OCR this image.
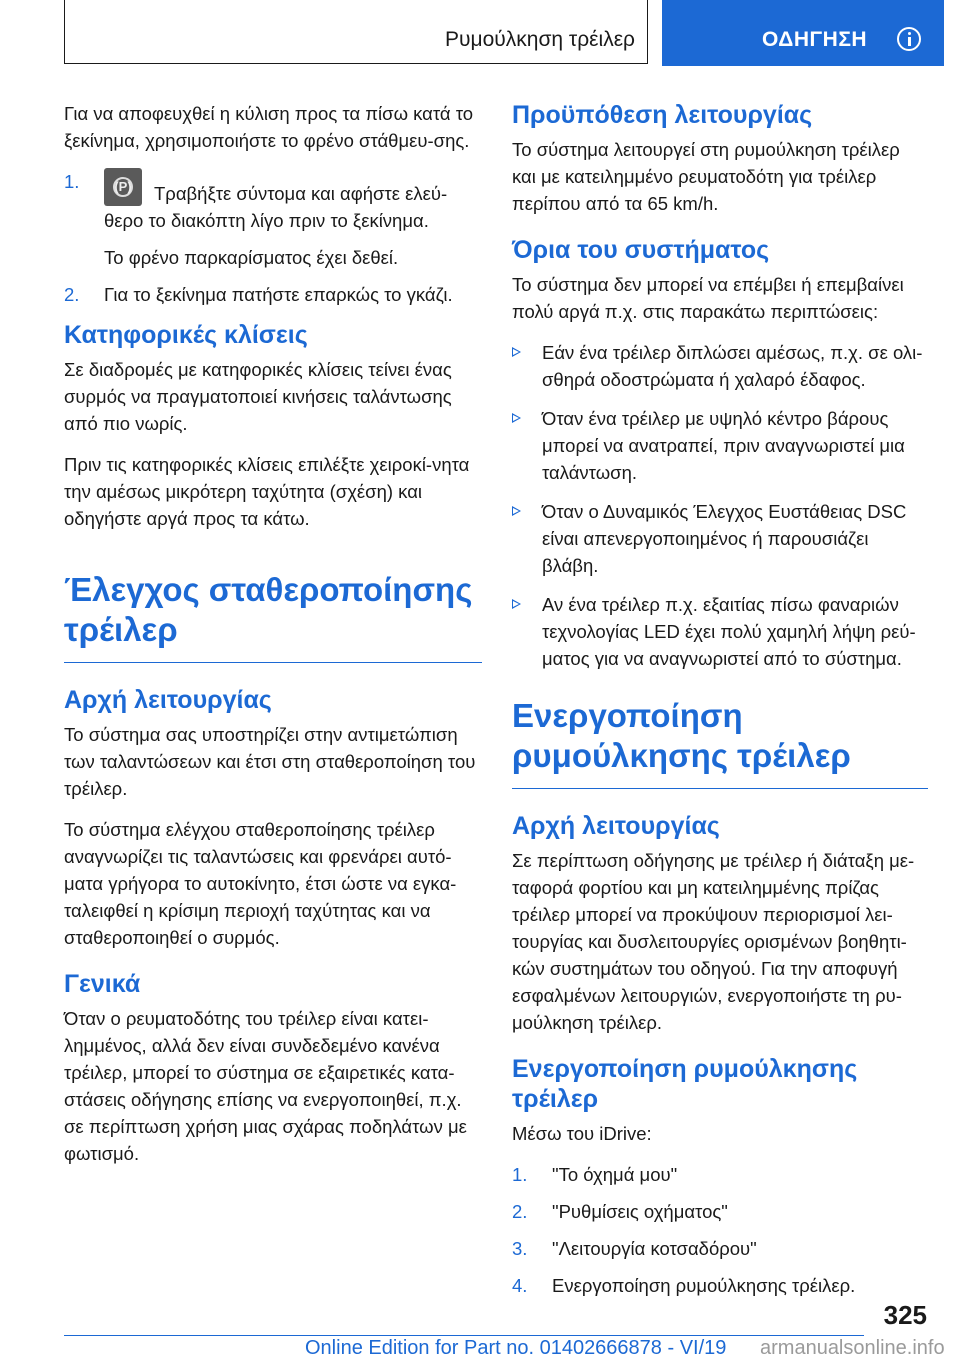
Ρυμούλκηση τρέιλερ	ΟΔΗΓΗΣΗ

Για να αποφευχθεί η κύλιση προς τα πίσω κατά το ξεκίνημα, χρησιμοποιήστε το φρένο στάθμευ-σης.

1.	(P)	Τραβήξτε σύντομα και αφήστε ελεύ-θερο το διακόπτη λίγο πριν το ξεκίνημα.
Το φρένο παρκαρίσματος έχει δεθεί.
2. Για το ξεκίνημα πατήστε επαρκώς το γκάζι.
Κατηφορικές κλίσεις

Σε διαδρομές με κατηφορικές κλίσεις τείνει ένας συρμός να πραγματοποιεί κινήσεις ταλάντωσης από πιο νωρίς.

Πριν τις κατηφορικές κλίσεις επιλέξτε χειροκί-νητα την αμέσως μικρότερη ταχύτητα (σχέση) και οδηγήστε αργά προς τα κάτω.

Έλεγχος σταθεροποίησης τρέιλερ
Αρχή λειτουργίας

Το σύστημα σας υποστηρίζει στην αντιμετώπιση των ταλαντώσεων και έτσι στη σταθεροποίηση του τρέιλερ.

Το σύστημα ελέγχου σταθεροποίησης τρέιλερ αναγνωρίζει τις ταλαντώσεις και φρενάρει αυτό-ματα γρήγορα το αυτοκίνητο, έτσι ώστε να εγκα-ταλειφθεί η κρίσιμη περιοχή ταχύτητας και να σταθεροποιηθεί ο συρμός.

Γενικά

Όταν ο ρευματοδότης του τρέιλερ είναι κατει-λημμένος, αλλά δεν είναι συνδεδεμένο κανένα τρέιλερ, μπορεί το σύστημα σε εξαιρετικές κατα-στάσεις οδήγησης επίσης να ενεργοποιηθεί, π.χ. σε περίπτωση χρήση μιας σχάρας ποδηλάτων με φωτισμό.

Προϋπόθεση λειτουργίας

Το σύστημα λειτουργεί στη ρυμούλκηση τρέιλερ και με κατειλημμένο ρευματοδότη για τρέιλερ περίπου από τα 65 km/h.

Όρια του συστήματος

Το σύστημα δεν μπορεί να επέμβει ή επεμβαίνει πολύ αργά π.χ. στις παρακάτω περιπτώσεις:

Εάν ένα τρέιλερ διπλώσει αμέσως, π.χ. σε ολι-σθηρά οδοστρώματα ή χαλαρό έδαφος.
Όταν ένα τρέιλερ με υψηλό κέντρο βάρους μπορεί να ανατραπεί, πριν αναγνωριστεί μια ταλάντωση.
Όταν ο Δυναμικός Έλεγχος Ευστάθειας DSC είναι απενεργοποιημένος ή παρουσιάζει βλάβη.
Αν ένα τρέιλερ π.χ. εξαιτίας πίσω φαναριών τεχνολογίας LED έχει πολύ χαμηλή λήψη ρεύ-ματος για να αναγνωριστεί από το σύστημα.
Ενεργοποίηση ρυμούλκησης τρέιλερ
Αρχή λειτουργίας

Σε περίπτωση οδήγησης με τρέιλερ ή διάταξη με-ταφορά φορτίου και μη κατειλημμένης πρίζας τρέιλερ μπορεί να προκύψουν περιορισμοί λει-τουργίας και δυσλειτουργίες ορισμένων βοηθητι-κών συστημάτων του οδηγού. Για την αποφυγή εσφαλμένων λειτουργιών, ενεργοποιήστε τη ρυ-μούλκηση τρέιλερ.

Ενεργοποίηση ρυμούλκησης τρέιλερ

Μέσω του iDrive:

1. "Το όχημά μου"
2. "Ρυθμίσεις οχήματος"
3. "Λειτουργία κοτσαδόρου"
4. Ενεργοποίηση ρυμούλκησης τρέιλερ.
325
Online Edition for Part no. 01402666878 - VI/19 armanualsonline.info
